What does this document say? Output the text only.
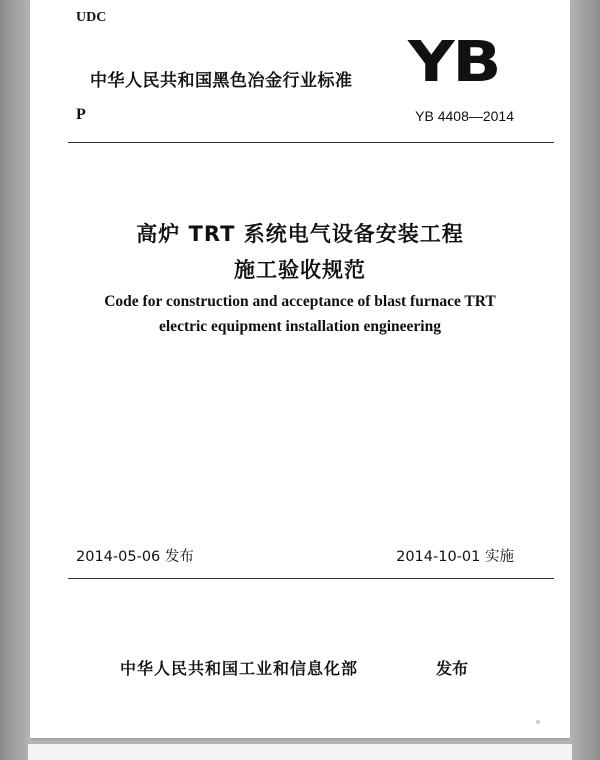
UDC
中华人民共和国黑色冶金行业标准 YB
P	YB 4408—2014
高炉 TRT 系统电气设备安装工程
施工验收规范
Code for construction and acceptance of blast furnace TRT
electric equipment installation engineering
2014-05-06 发布	2014-10-01 实施
中华人民共和国工业和信息化部	发布
